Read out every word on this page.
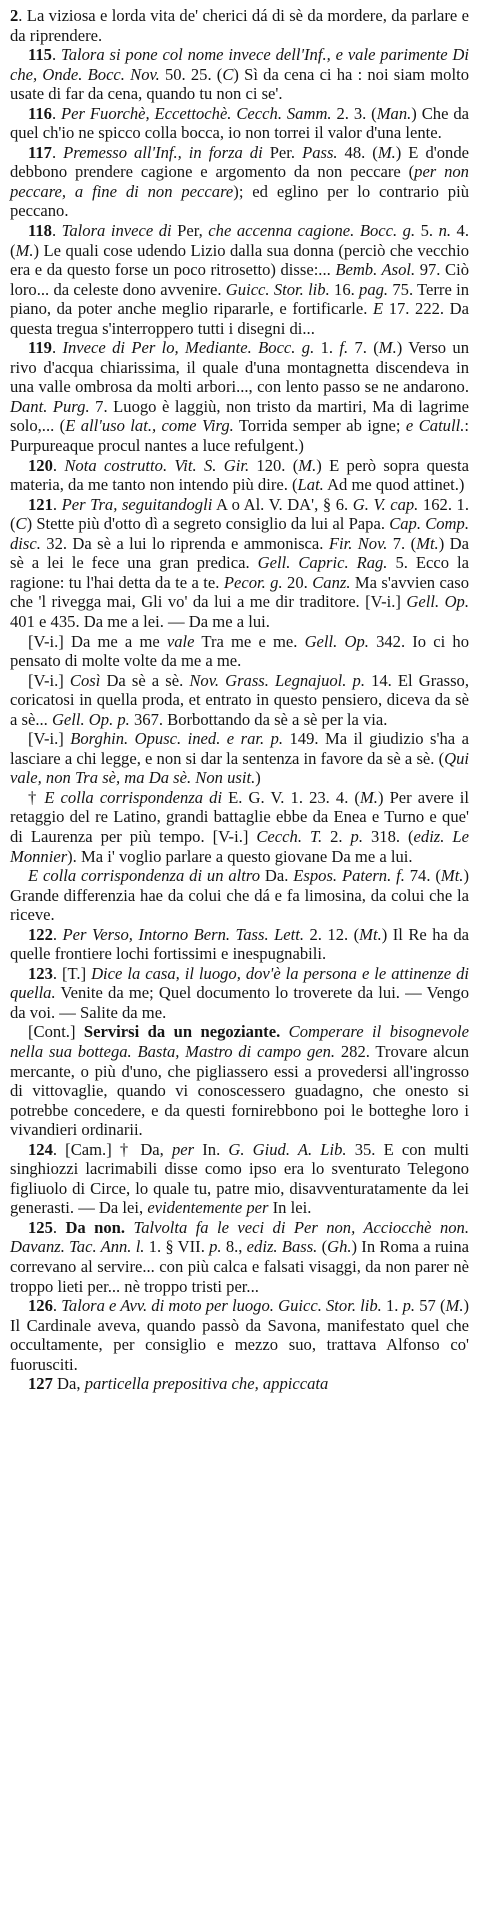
2. La viziosa e lorda vita de' cherici dá di sè da mordere, da parlare e da riprendere.

115. Talora si pone col nome invece dell'Inf., e vale parimente Di che, Onde. Bocc. Nov. 50. 25. (C) Sì da cena ci ha : noi siam molto usate di far da cena, quando tu non ci se'.

116. Per Fuorchè, Eccettochè. Cecch. Samm. 2. 3. (Man.) Che da quel ch'io ne spicco colla bocca, io non torrei il valor d'una lente.

117. Premesso all'Inf., in forza di Per. Pass. 48. (M.) E d'onde debbono prendere cagione e argomento da non peccare (per non peccare, a fine di non peccare); ed eglino per lo contrario più peccano.

118. Talora invece di Per, che accenna cagione. Bocc. g. 5. n. 4. (M.) Le quali cose udendo Lizio dalla sua donna (perciò che vecchio era e da questo forse un poco ritrosetto) disse:... Bemb. Asol. 97. Ciò loro... da celeste dono avvenire. Guicc. Stor. lib. 16. pag. 75. Terre in piano, da poter anche meglio ripararle, e fortificarle. E 17. 222. Da questa tregua s'interroppero tutti i disegni di...

119. Invece di Per lo, Mediante. Bocc. g. 1. f. 7. (M.) Verso un rivo d'acqua chiarissima, il quale d'una montagnetta discendeva in una valle ombrosa da molti arbori..., con lento passo se ne andarono. Dant. Purg. 7. Luogo è laggiù, non tristo da martiri, Ma di lagrime solo,... (E all'uso lat., come Virg. Torrida semper ab igne; e Catull.: Purpureaque procul nantes a luce refulgent.)

120. Nota costrutto. Vit. S. Gir. 120. (M.) E però sopra questa materia, da me tanto non intendo più dire. (Lat. Ad me quod attinet.)

121. Per Tra, seguitandogli A o Al. V. DA', § 6. G. V. cap. 162. 1. (C) Stette più d'otto dì a segreto consiglio da lui al Papa. Cap. Comp. disc. 32. Da sè a lui lo riprenda e ammonisca. Fir. Nov. 7. (Mt.) Da sè a lei le fece una gran predica. Gell. Capric. Rag. 5. Ecco la ragione: tu l'hai detta da te a te. Pecor. g. 20. Canz. Ma s'avvien caso che 'l rivegga mai, Gli vo' da lui a me dir traditore. [V-i.] Gell. Op. 401 e 435. Da me a lei. — Da me a lui.

[V-i.] Da me a me vale Tra me e me. Gell. Op. 342. Io ci ho pensato di molte volte da me a me.

[V-i.] Così Da sè a sè. Nov. Grass. Legnajuol. p. 14. El Grasso, coricatosi in quella proda, et entrato in questo pensiero, diceva da sè a sè... Gell. Op. p. 367. Borbottando da sè a sè per la via.

[V-i.] Borghin. Opusc. ined. e rar. p. 149. Ma il giudizio s'ha a lasciare a chi legge, e non si dar la sentenza in favore da sè a sè. (Qui vale, non Tra sè, ma Da sè. Non usit.)

† E colla corrispondenza di E. G. V. 1. 23. 4. (M.) Per avere il retaggio del re Latino, grandi battaglie ebbe da Enea e Turno e que' di Laurenza per più tempo. [V-i.] Cecch. T. 2. p. 318. (ediz. Le Monnier). Ma i' voglio parlare a questo giovane Da me a lui.

E colla corrispondenza di un altro Da. Espos. Patern. f. 74. (Mt.) Grande differenzia hae da colui che dá e fa limosina, da colui che la riceve.

122. Per Verso, Intorno Bern. Tass. Lett. 2. 12. (Mt.) Il Re ha da quelle frontiere lochi fortissimi e inespugnabili.

123. [T.] Dice la casa, il luogo, dov'è la persona e le attinenze di quella. Venite da me; Quel documento lo troverete da lui. — Vengo da voi. — Salite da me.

[Cont.] Servirsi da un negoziante. Comperare il bisognevole nella sua bottega. Basta, Mastro di campo gen. 282. Trovare alcun mercante, o più d'uno, che pigliassero essi a provedersi all'ingrosso di vittovaglie, quando vi conoscessero guadagno, che onesto si potrebbe concedere, e da questi fornirebbono poi le botteghe loro i vivandieri ordinarii.

124. [Cam.] † Da, per In. G. Giud. A. Lib. 35. E con multi singhiozzi lacrimabili disse como ipso era lo sventurato Telegono figliuolo di Circe, lo quale tu, patre mio, disavventuratamente da lei generasti. — Da lei, evidentemente per In lei.

125. Da non. Talvolta fa le veci di Per non, Acciocchè non. Davanz. Tac. Ann. l. 1. § VII. p. 8., ediz. Bass. (Gh.) In Roma a ruina correvano al servire... con più calca e falsati visaggi, da non parer nè troppo lieti per... nè troppo tristi per...

126. Talora e Avv. di moto per luogo. Guicc. Stor. lib. 1. p. 57 (M.) Il Cardinale aveva, quando passò da Savona, manifestato quel che occultamente, per consiglio e mezzo suo, trattava Alfonso co' fuorusciti.

127 Da, particella prepositiva che, appiccata
